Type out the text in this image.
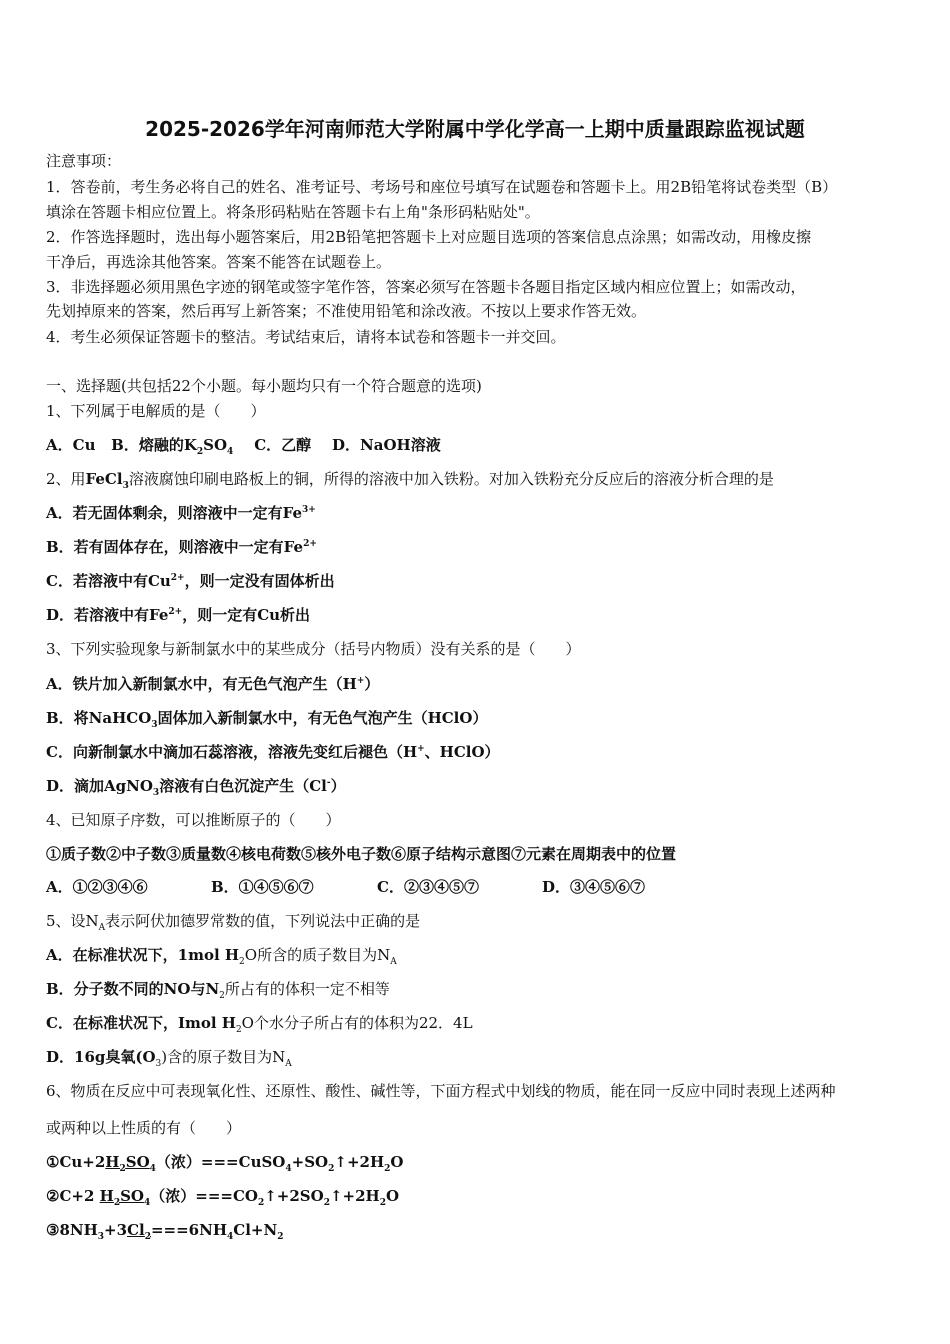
2025-2026学年河南师范大学附属中学化学高一上期中质量跟踪监视试题
注意事项：
1．答卷前，考生务必将自己的姓名、准考证号、考场号和座位号填写在试题卷和答题卡上。用2B铅笔将试卷类型（B）
填涂在答题卡相应位置上。将条形码粘贴在答题卡右上角"条形码粘贴处"。
2．作答选择题时，选出每小题答案后，用2B铅笔把答题卡上对应题目选项的答案信息点涂黑；如需改动，用橡皮擦
干净后，再选涂其他答案。答案不能答在试题卷上。
3．非选择题必须用黑色字迹的钢笔或签字笔作答，答案必须写在答题卡各题目指定区域内相应位置上；如需改动，
先划掉原来的答案，然后再写上新答案；不准使用铅笔和涂改液。不按以上要求作答无效。
4．考生必须保证答题卡的整洁。考试结束后，请将本试卷和答题卡一并交回。
一、选择题(共包括22个小题。每小题均只有一个符合题意的选项)
1、下列属于电解质的是（　　）
A．Cu B．熔融的$K_2SO_4$ C．乙醇 D．NaOH溶液
2、用FeCl$_3$溶液腐蚀印刷电路板上的铜，所得的溶液中加入铁粉。对加入铁粉充分反应后的溶液分析合理的是
A．若无固体剩余，则溶液中一定有$Fe^{3+}$
B．若有固体存在，则溶液中一定有$Fe^{2+}$
C．若溶液中有$Cu^{2+}$，则一定没有固体析出
D．若溶液中有$Fe^{2+}$，则一定有Cu析出
3、下列实验现象与新制氯水中的某些成分（括号内物质）没有关系的是（　　）
A．铁片加入新制氯水中，有无色气泡产生（H+）
B．将NaHCO$_3$固体加入新制氯水中，有无色气泡产生（HClO）
C．向新制氯水中滴加石蕊溶液，溶液先变红后褪色（H+、HClO）
D．滴加AgNO$_3$溶液有白色沉淀产生（Cl-）
4、已知原子序数，可以推断原子的（　　）
①质子数②中子数③质量数④核电荷数⑤核外电子数⑥原子结构示意图⑦元素在周期表中的位置
A．①②③④⑥	B．①④⑤⑥⑦	C．②③④⑤⑦	D．③④⑤⑥⑦
5、设$N_A$表示阿伏加德罗常数的值，下列说法中正确的是
A．在标准状况下，1mol $H_2O$所含的质子数目为$N_A$
B．分子数不同的NO与$N_2$所占有的体积一定不相等
C．在标准状况下，Imol $H_2O$个水分子所占有的体积为22．4L
D．16g臭氧$(O_3)$含的原子数目为$N_A$
6、物质在反应中可表现氧化性、还原性、酸性、碱性等，下面方程式中划线的物质，能在同一反应中同时表现上述两种
或两种以上性质的有（　　）
$①Cu+2H_2SO_4$（浓）$===CuSO_4+SO_2↑+2H_2O$
②C+2 $H_2SO_4$（浓）$===CO_2↑+2SO_2↑+2H_2O$
$③8NH_3+3Cl_2===6NH_4Cl+N_2$
